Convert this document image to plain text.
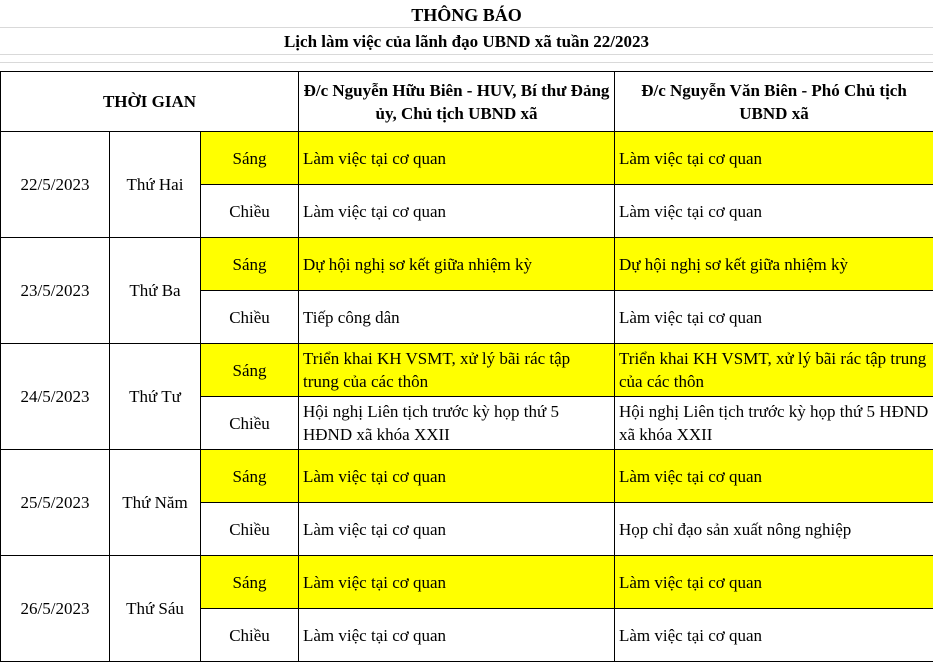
THÔNG BÁO
Lịch làm việc của lãnh đạo UBND xã tuần 22/2023
THỜI GIAN			Đ/c Nguyễn Hữu Biên - HUV, Bí thư Đảng ủy, Chủ tịch UBND xã	Đ/c Nguyễn Văn Biên - Phó Chủ tịch UBND xã
22/5/2023	Thứ Hai	Sáng	Làm việc tại cơ quan	Làm việc tại cơ quan
		Chiều	Làm việc tại cơ quan	Làm việc tại cơ quan
23/5/2023	Thứ Ba	Sáng	Dự hội nghị sơ kết giữa nhiệm kỳ	Dự hội nghị sơ kết giữa nhiệm kỳ
		Chiều	Tiếp công dân	Làm việc tại cơ quan
24/5/2023	Thứ Tư	Sáng	Triển khai KH VSMT, xử lý bãi rác tập trung của các thôn	Triển khai KH VSMT, xử lý bãi rác tập trung của các thôn
		Chiều	Hội nghị Liên tịch trước kỳ họp thứ 5 HĐND xã khóa XXII	Hội nghị Liên tịch trước kỳ họp thứ 5 HĐND xã khóa XXII
25/5/2023	Thứ Năm	Sáng	Làm việc tại cơ quan	Làm việc tại cơ quan
		Chiều	Làm việc tại cơ quan	Họp chỉ đạo sản xuất nông nghiệp
26/5/2023	Thứ Sáu	Sáng	Làm việc tại cơ quan	Làm việc tại cơ quan
		Chiều	Làm việc tại cơ quan	Làm việc tại cơ quan
